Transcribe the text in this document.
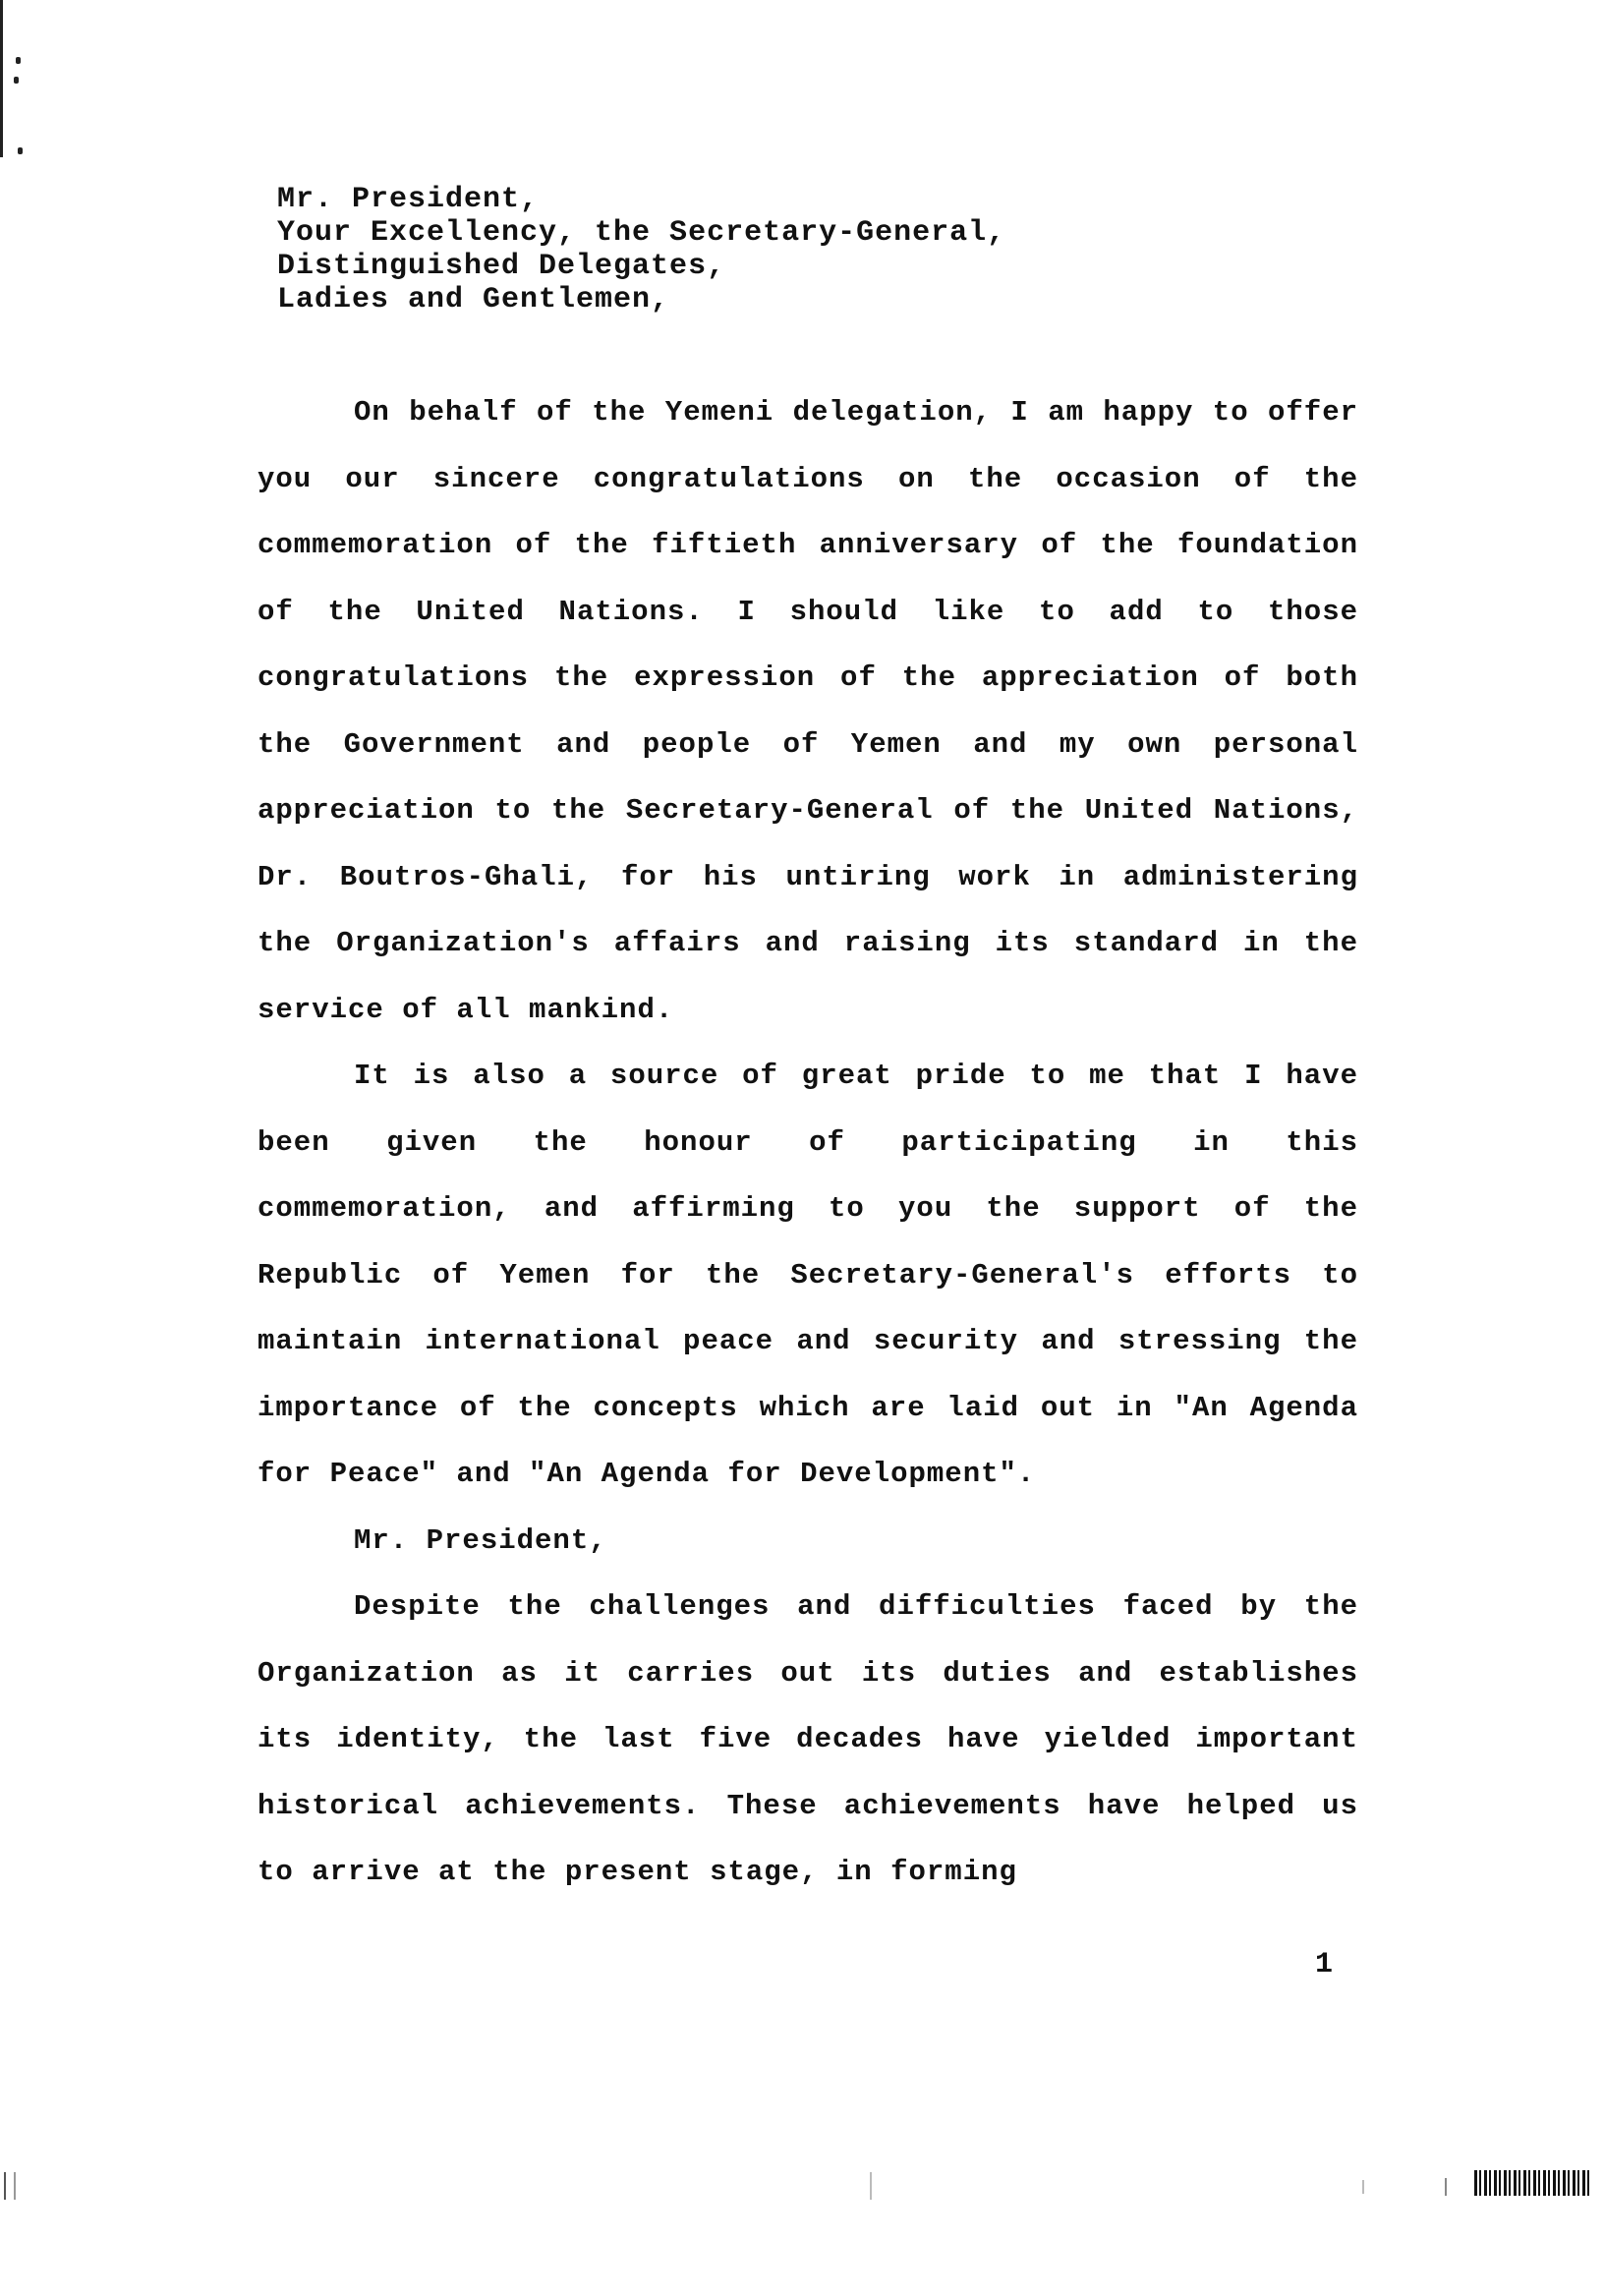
Mr. President,
Your Excellency, the Secretary-General,
Distinguished Delegates,
Ladies and Gentlemen,

On behalf of the Yemeni delegation, I am happy to offer you our sincere congratulations on the occasion of the commemoration of the fiftieth anniversary of the foundation of the United Nations. I should like to add to those congratulations the expression of the appreciation of both the Government and people of Yemen and my own personal appreciation to the Secretary-General of the United Nations, Dr. Boutros-Ghali, for his untiring work in administering the Organization's affairs and raising its standard in the service of all mankind.

It is also a source of great pride to me that I have been given the honour of participating in this commemoration, and affirming to you the support of the Republic of Yemen for the Secretary-General's efforts to maintain international peace and security and stressing the importance of the concepts which are laid out in "An Agenda for Peace" and "An Agenda for Development".

Mr. President,

Despite the challenges and difficulties faced by the Organization as it carries out its duties and establishes its identity, the last five decades have yielded important historical achievements. These achievements have helped us to arrive at the present stage, in forming

1
